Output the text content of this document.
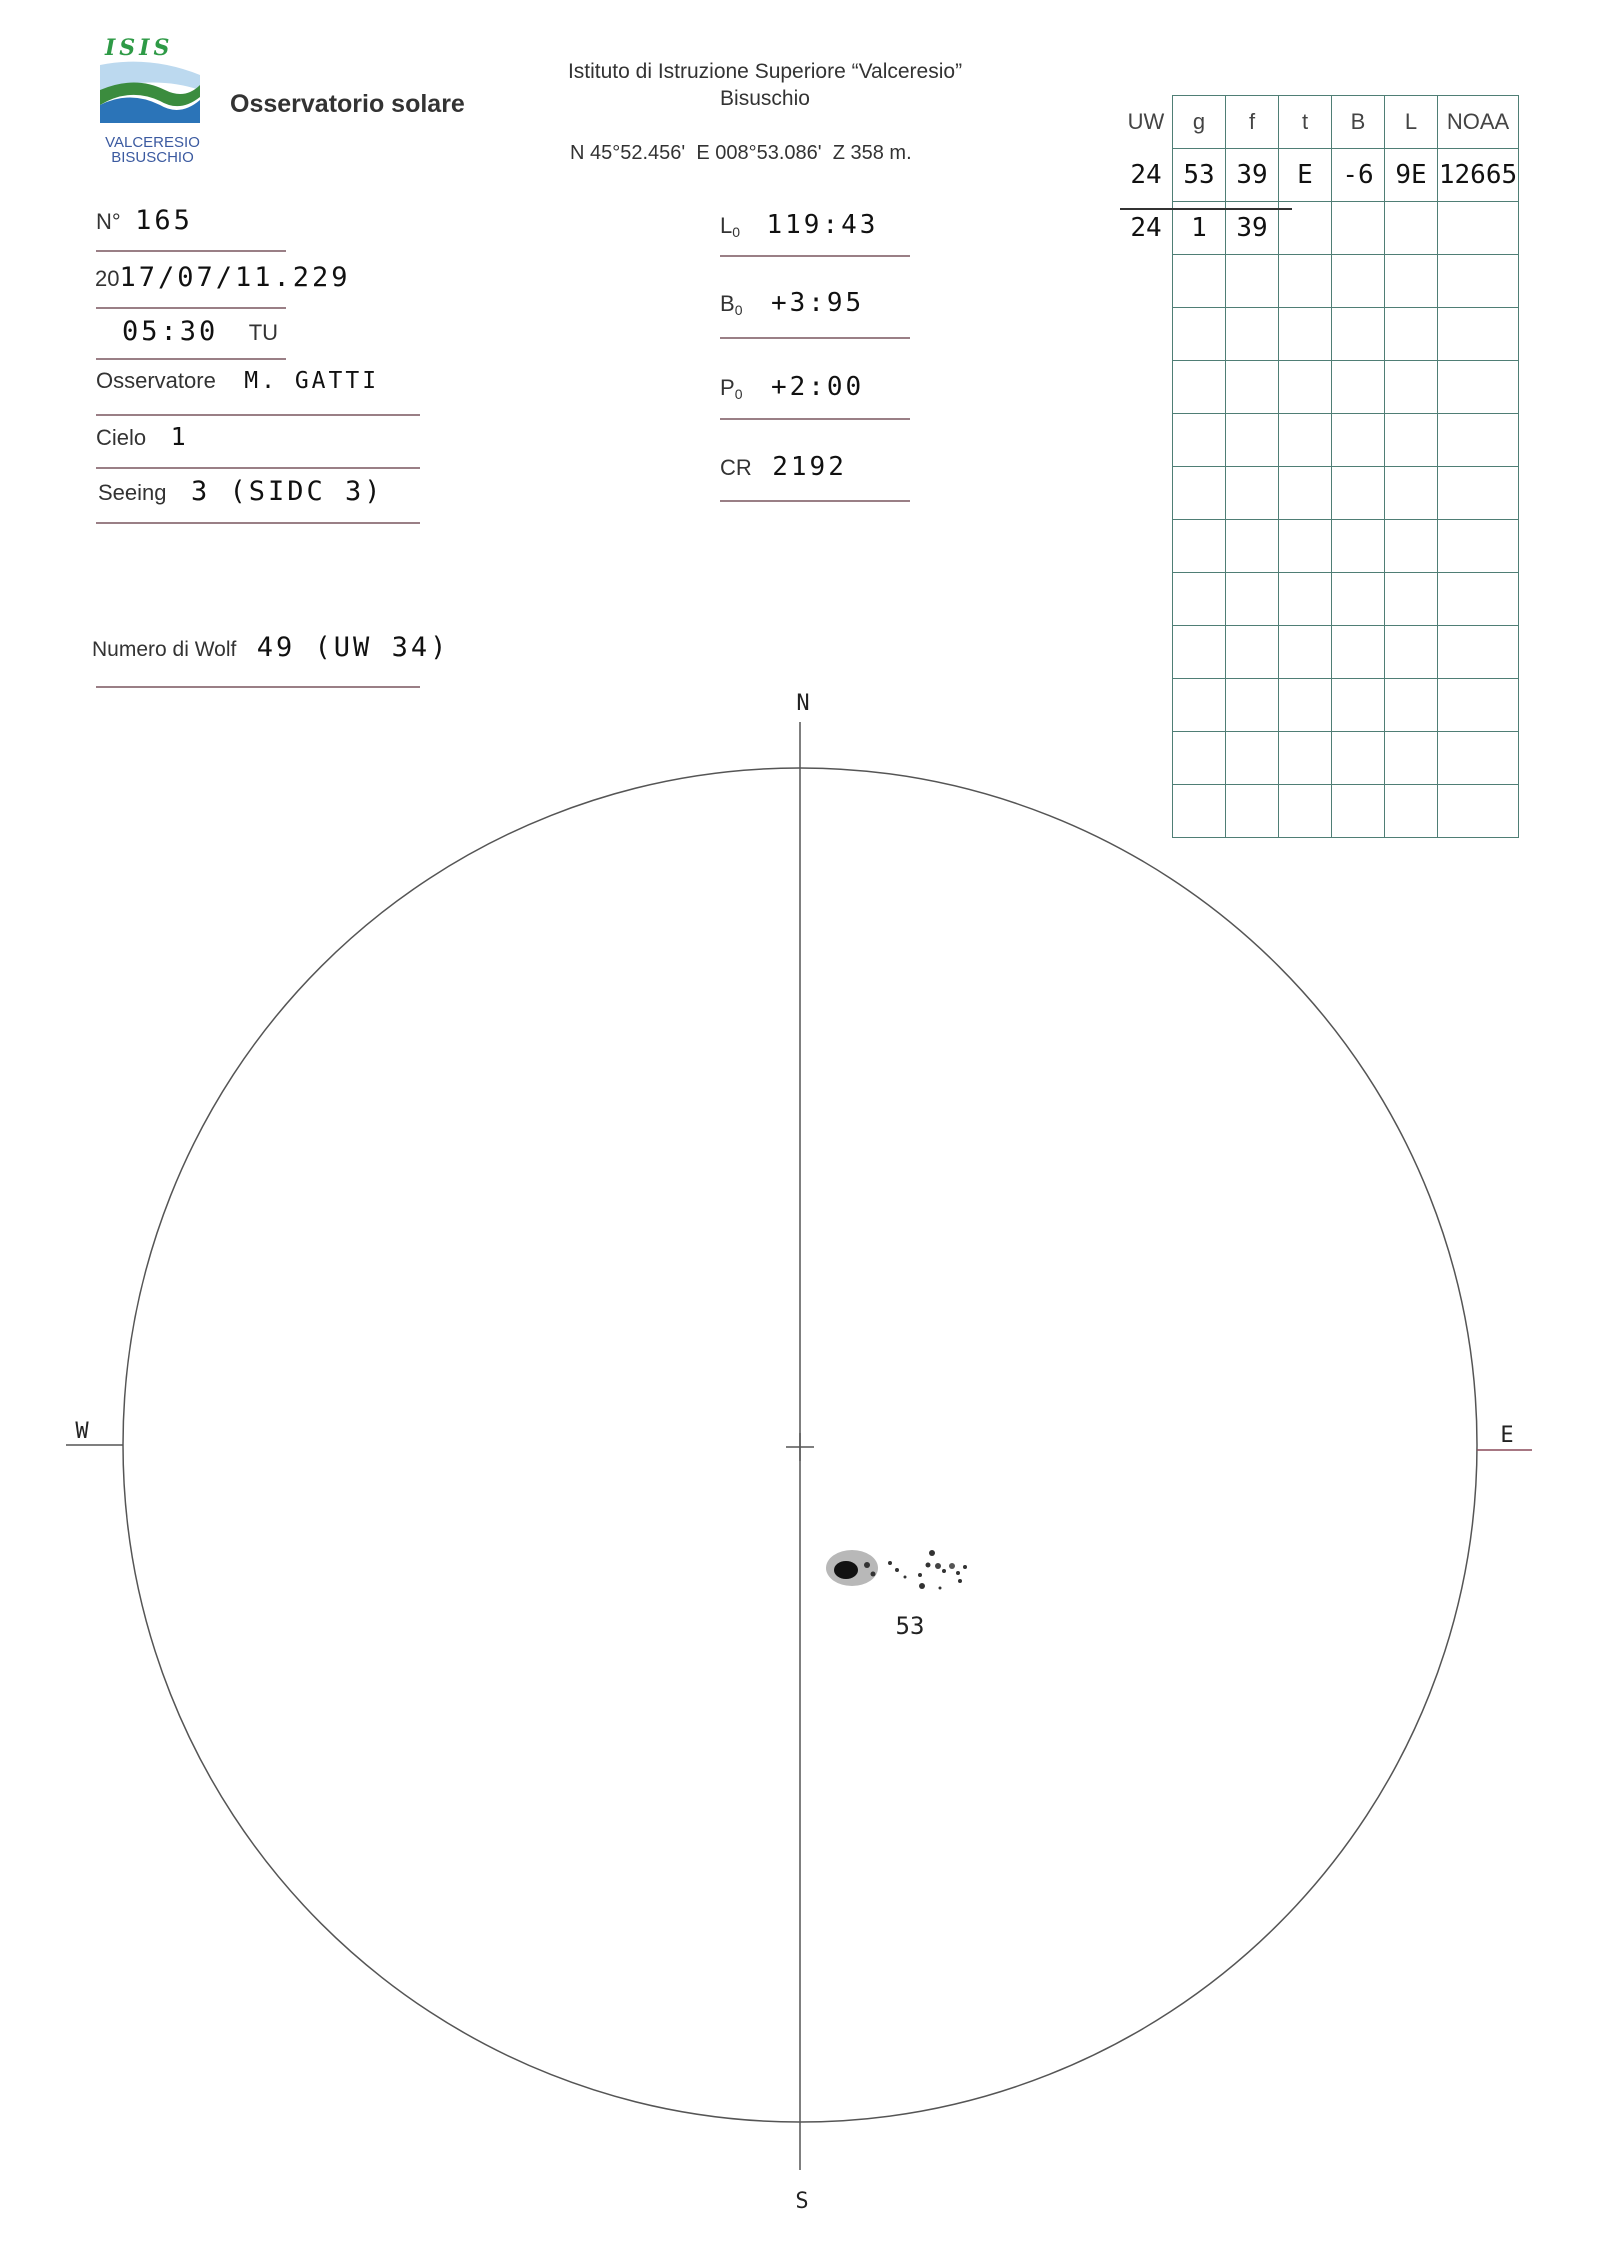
ISIS
VALCERESIO
BISUSCHIO
Osservatorio solare
Istituto di Istruzione Superiore “Valceresio”
Bisuschio
N 45°52.456'  E 008°53.086'  Z 358 m.
N° 165
2017/07/11.229
05:30 TU
Osservatore M. GATTI
Cielo 1
Seeing 3 (SIDC 3)
Numero di Wolf 49 (UW 34)
$L_0$ 119:43
$B_0$ +3:95
$P_0$ +2:00
CR 2192
UW	g	f	t	B	L	NOAA
24	53	39	E	-6	9E	12665
24	1	39				

N
S
W	E
53
